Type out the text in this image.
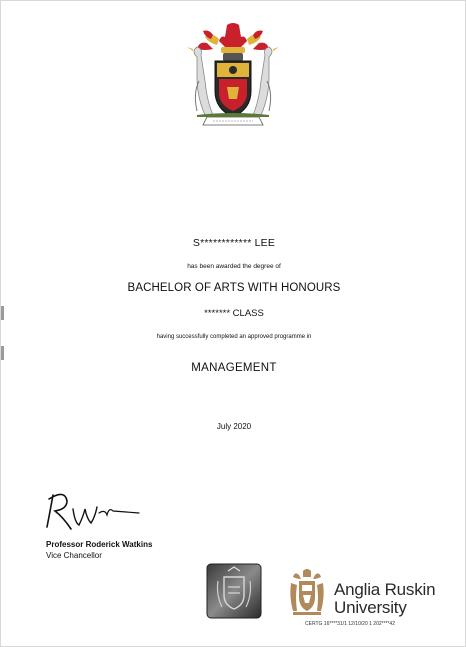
S************ LEE
has been awarded the degree of
BACHELOR OF ARTS WITH HONOURS
******* CLASS
having successfully completed an approved programme in
MANAGEMENT
July 2020
Professor Roderick Watkins
Vice Chancellor
Anglia Ruskin
University
CERTG 16****31/1 12/10/20 1 202****42
